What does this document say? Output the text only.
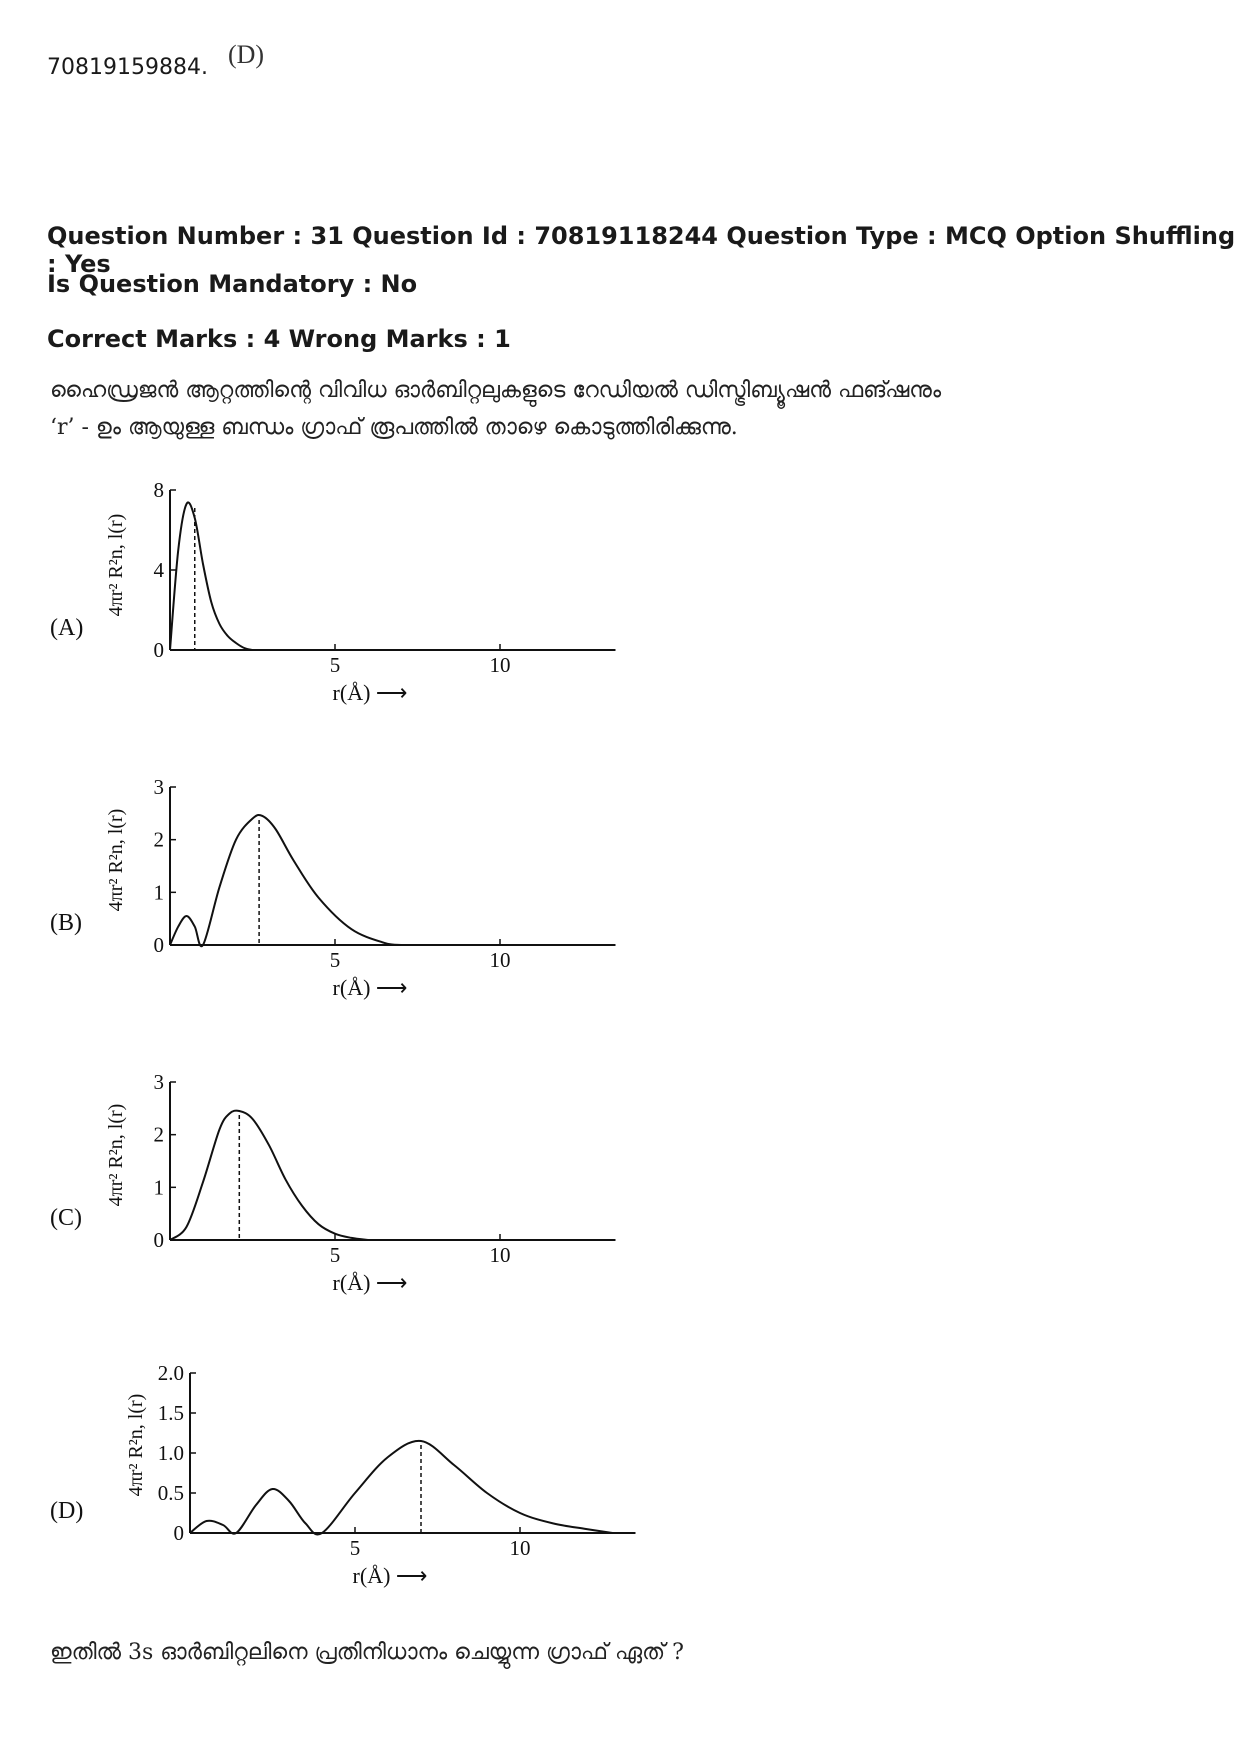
70819159884. (D)
Question Number : 31 Question Id : 70819118244 Question Type : MCQ Option Shuffling : Yes
Is Question Mandatory : No
Correct Marks : 4 Wrong Marks : 1
ഹൈഡ്രജൻ ആറ്റത്തിന്റെ വിവിധ ഓർബിറ്റലുകളുടെ റേഡിയൽ ഡിസ്ട്രിബ്യൂഷൻ ഫങ്ഷനും
‘r’ - ഉം ആയുള്ള ബന്ധം ഗ്രാഫ് രൂപത്തിൽ താഴെ കൊടുത്തിരിക്കുന്നു.
(A)
4πr² R²n, l(r)
0
4
8
5	10
r(Å) ⟶
(B)
4πr² R²n, l(r)
0
1
2
3
5	10
r(Å) ⟶
(C)
4πr² R²n, l(r)
0
1
2
3
5	10
r(Å) ⟶
(D)
4πr² R²n, l(r)
0
0.5
1.0
1.5
2.0
5	10
r(Å) ⟶
ഇതിൽ 3s ഓർബിറ്റലിനെ പ്രതിനിധാനം ചെയ്യുന്ന ഗ്രാഫ് ഏത് ?
